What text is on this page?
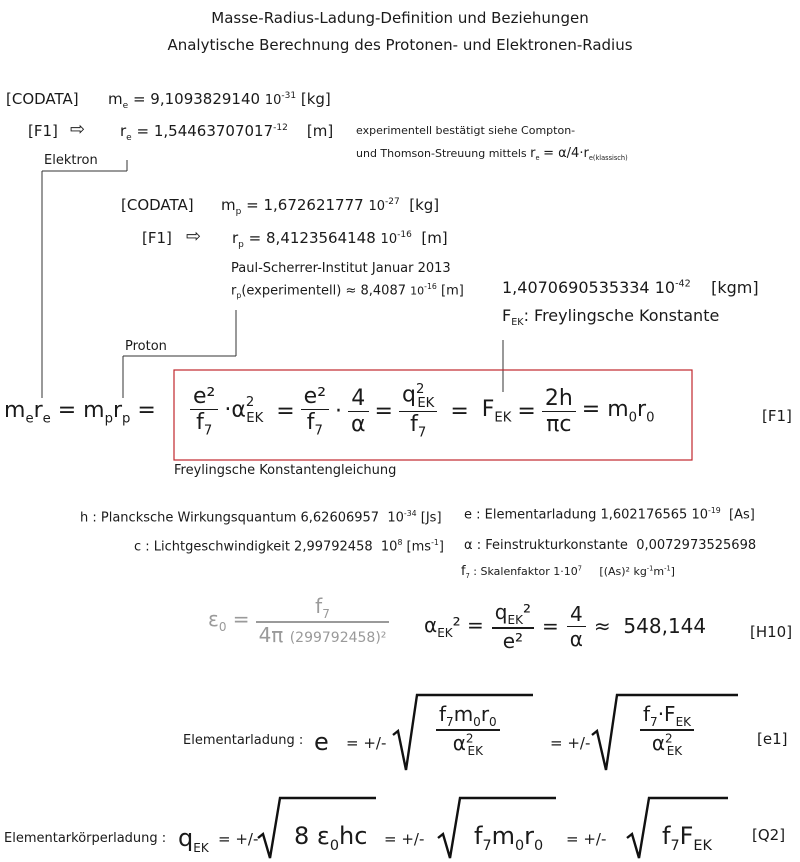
Masse-Radius-Ladung-Definition und Beziehungen
Analytische Berechnung des Protonen- und Elektronen-Radius
[CODATA] $m_e = 9,1093829140$ $10^{-31}$ [kg]
[F1] ⇨ $r_e = 1,54463707017^{-12}$ [m] experimentell bestätigt siehe Compton-
und Thomson-Streuung mittels $r_e = \alpha/4\cdot r_{e(klassisch)}$
Elektron
[CODATA] $m_p = 1,672621777$ $10^{-27}$ [kg]
[F1] ⇨ $r_p = 8,4123564148$ $10^{-16}$ [m]
Paul-Scherrer-Institut Januar 2013
$r_p(experimentell) \approx 8,4087$ $10^{-16}$ [m]
Proton
1,4070690535334 $10^{-42}$ [kgm]
$F_{EK}$: Freylingsche Konstante
$m_er_e = m_pr_p = \frac{\text{e²}}{f_7} \cdot\alpha^2_{EK} = \frac{\text{e²}}{f_7} \cdot \frac{4}{\alpha} = \frac{q^2_{EK}}{f_7} = F_{EK} = \frac{2h}{\pi c} = m_0r_0$	[F1]
Freylingsche Konstantengleichung
h : Plancksche Wirkungsquantum 6,62606957 $10^{-34}$ [Js] e : Elementarladung 1,602176565 $10^{-19}$ [As]
c : Lichtgeschwindigkeit 2,99792458 $10^8$ $[ms^{-1}]$ α : Feinstrukturkonstante 0,0072973525698
$f_7$ : Skalenfaktor $1\cdot 10^7$ [(As)² $kg^{-1}m^{-1}$]
$\varepsilon_0 = \frac{f_7}{\text{4π (299792458)²}} \alpha_{EK}^2 = \frac{q_{EK}^2}{\text{e²}} = \frac{4}{\alpha} \approx 548,144$	[H10]
Elementarladung : e = +/- $\frac{f_7m_0r_0}{\alpha^2_{EK}}$	= +/- $\frac{f_7\cdot F_{EK}}{\alpha^2_{EK}}$	[e1]
Elementarkörperladung : $q_{EK}$ = +/- 8 $\varepsilon_0hc$ = +/- $f_7m_0r_0$ = +/- $f_7F_{EK}$
[Q2]
